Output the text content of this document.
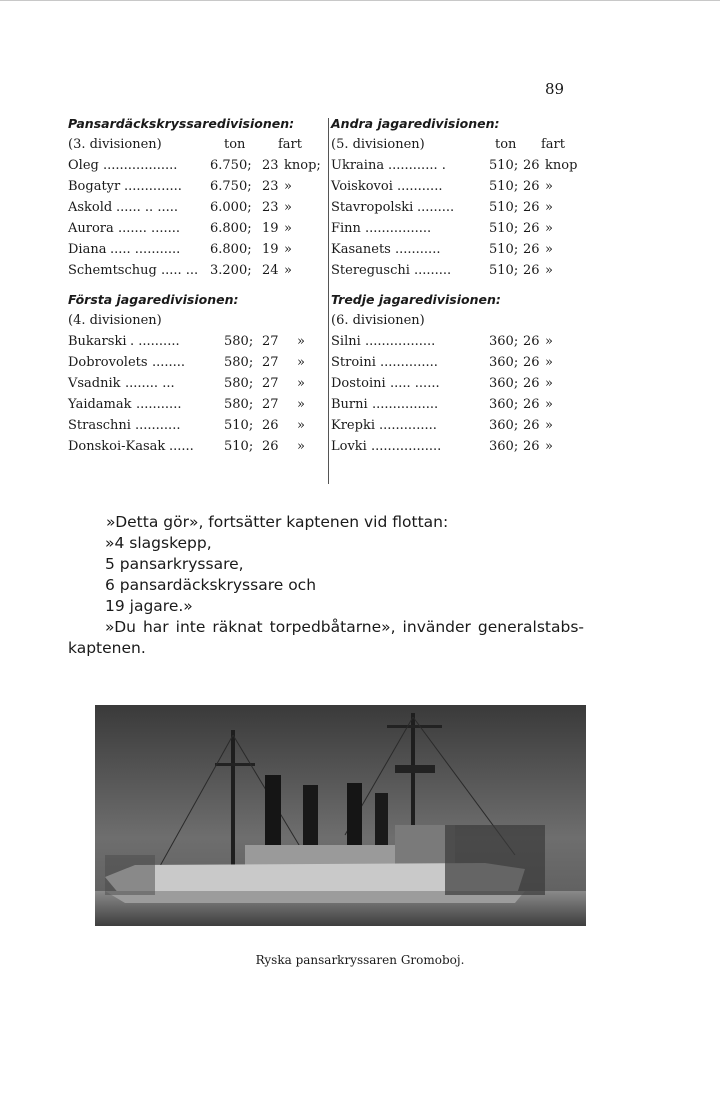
89
Pansardäckskryssaredivisionen:
(3. divisionen)	ton	fart
Oleg ..................	6.750; 23 knop;
Bogatyr .............. 6.750; 23 »
Askold ...... .. ..... 6.000; 23 »
Aurora ....... ....... 6.800; 19 »
Diana ..... ........... 6.800; 19 »
Schemtschug ..... ... 3.200; 24 »
Första jagaredivisionen:
(4. divisionen)
Bukarski . ..........	580; 27 »
Dobrovolets ........	580; 27 »
Vsadnik ........ ...	580; 27 »
Yaidamak ...........	580; 27 »
Straschni ...........	510; 26 »
Donskoi-Kasak ...... 510; 26 »
Andra jagaredivisionen:
(5. divisionen)	ton fart
Ukraina ............ .	510; 26 knop
Voiskovoi ...........	510; 26 »
Stavropolski .........	510; 26 »
Finn ................	510; 26 »
Kasanets ...........	510; 26 »
Stereguschi .........	510; 26 »
Tredje jagaredivisionen:
(6. divisionen)
Silni .................	360; 26 »
Stroini ..............	360; 26 »
Dostoini ..... ......	360; 26 »
Burni ................	360; 26 »
Krepki ..............	360; 26 »
Lovki .................	360; 26 »
»Detta gör», fortsätter kaptenen vid flottan:
»4 slagskepp,
5 pansarkryssare,
6 pansardäckskryssare och
19 jagare.»
»Du har inte räknat torpedbåtarne», invänder generalstabs-
kaptenen.
Ryska pansarkryssaren Gromoboj.
